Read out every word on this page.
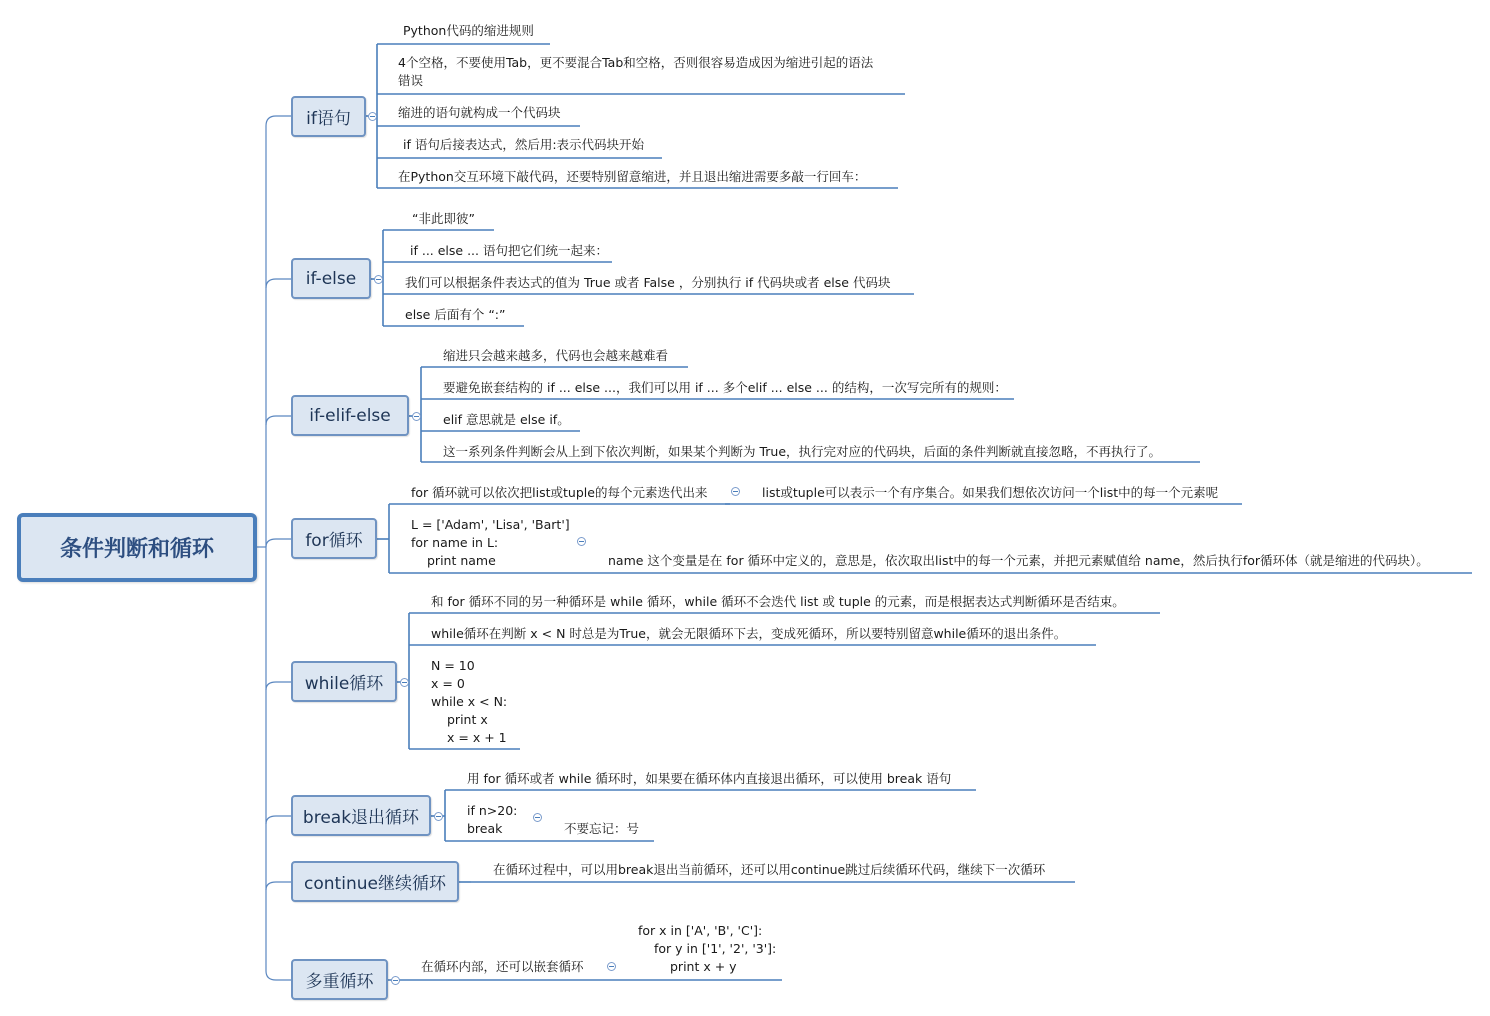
条件判断和循环
if语句
Python代码的缩进规则
4个空格，不要使用Tab，更不要混合Tab和空格，否则很容易造成因为缩进引起的语法
错误
缩进的语句就构成一个代码块
if 语句后接表达式，然后用:表示代码块开始
在Python交互环境下敲代码，还要特别留意缩进，并且退出缩进需要多敲一行回车：
if-else
“非此即彼”
if ... else ... 语句把它们统一起来：
我们可以根据条件表达式的值为 True 或者 False ，分别执行 if 代码块或者 else 代码块
else 后面有个 “:”
if-elif-else
缩进只会越来越多，代码也会越来越难看
要避免嵌套结构的 if ... else ...，我们可以用 if ... 多个elif ... else ... 的结构，一次写完所有的规则：
elif 意思就是 else if。
这一系列条件判断会从上到下依次判断，如果某个判断为 True，执行完对应的代码块，后面的条件判断就直接忽略，不再执行了。
for循环
for 循环就可以依次把list或tuple的每个元素迭代出来	list或tuple可以表示一个有序集合。如果我们想依次访问一个list中的每一个元素呢
L = ['Adam', 'Lisa', 'Bart']
for name in L:
print name	name 这个变量是在 for 循环中定义的，意思是，依次取出list中的每一个元素，并把元素赋值给 name，然后执行for循环体（就是缩进的代码块）。
while循环
和 for 循环不同的另一种循环是 while 循环，while 循环不会迭代 list 或 tuple 的元素，而是根据表达式判断循环是否结束。
while循环在判断 x < N 时总是为True，就会无限循环下去，变成死循环，所以要特别留意while循环的退出条件。
N = 10
x = 0
while x < N:
print x
x = x + 1
break退出循环
用 for 循环或者 while 循环时，如果要在循环体内直接退出循环，可以使用 break 语句
if n>20:
break	不要忘记：号
continue继续循环
在循环过程中，可以用break退出当前循环，还可以用continue跳过后续循环代码，继续下一次循环
多重循环
在循环内部，还可以嵌套循环
for x in ['A', 'B', 'C']:
for y in ['1', '2', '3']:
print x + y
